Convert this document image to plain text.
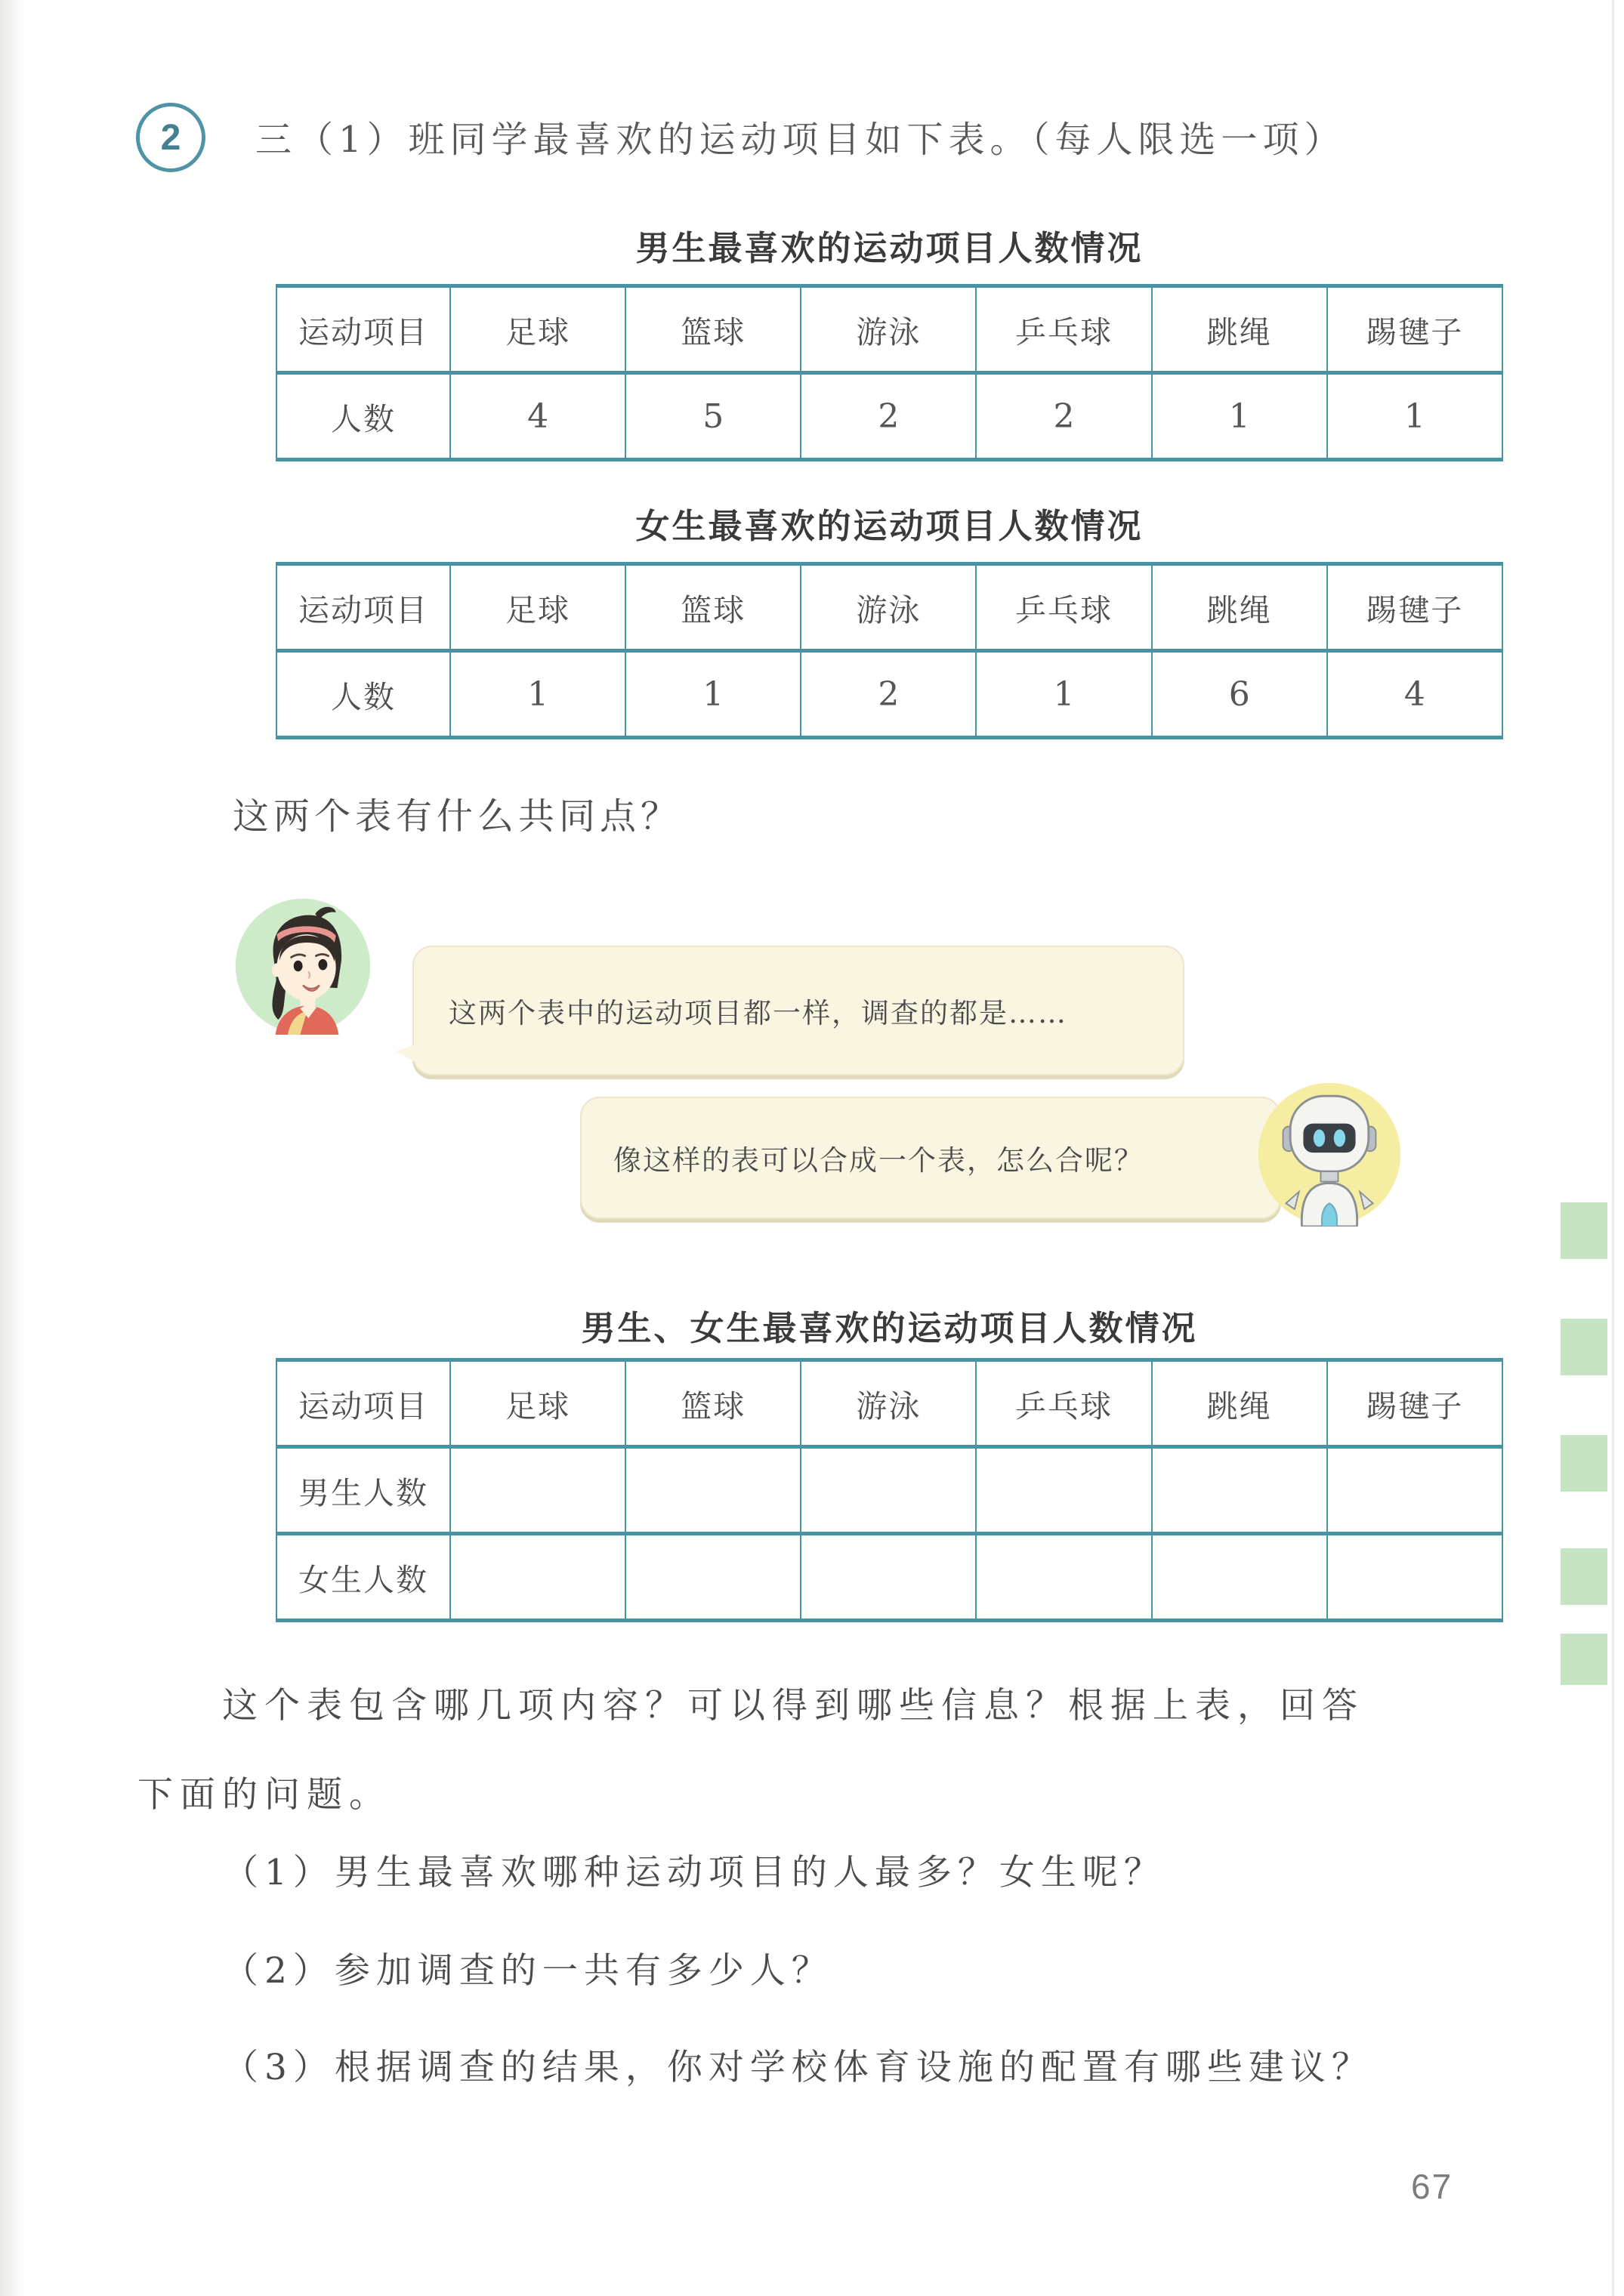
2 三（1）班同学最喜欢的运动项目如下表。（每人限选一项）
男生最喜欢的运动项目人数情况
运动项目	足球	篮球	游泳	乒乓球	跳绳	踢毽子
人数	4	5	2	2	1	1
女生最喜欢的运动项目人数情况
运动项目	足球	篮球	游泳	乒乓球	跳绳	踢毽子
人数	1	1	2	1	6	4
这两个表有什么共同点？
这两个表中的运动项目都一样，调查的都是……
像这样的表可以合成一个表，怎么合呢？
男生、女生最喜欢的运动项目人数情况
运动项目	足球	篮球	游泳	乒乓球	跳绳	踢毽子
男生人数						
女生人数						
这个表包含哪几项内容？可以得到哪些信息？根据上表，回答
下面的问题。
（1）男生最喜欢哪种运动项目的人最多？女生呢？
（2）参加调查的一共有多少人？
（3）根据调查的结果，你对学校体育设施的配置有哪些建议？
67
